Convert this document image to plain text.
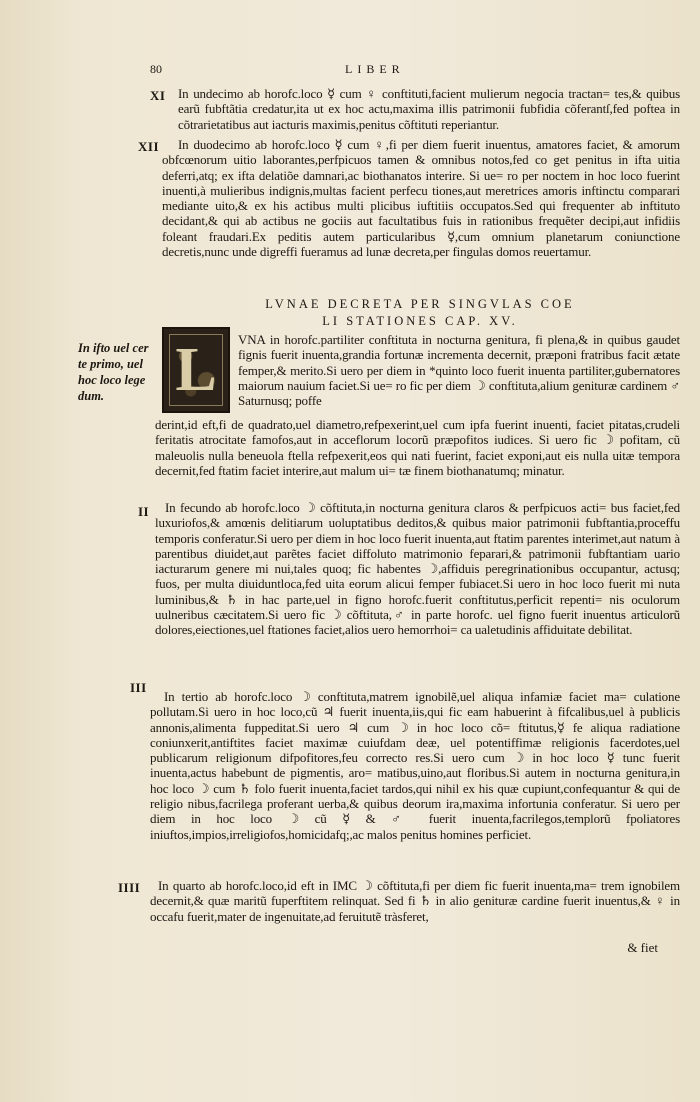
80	LIBER
XI In undecimo ab horofc.loco ☿ cum ♀ conftituti,facient mulierum negocia tractan= tes,& quibus earũ fubftãtia credatur,ita ut ex hoc actu,maxima illis patrimonii fubfidia cõferantſ,fed poftea in cõtrarietatibus aut iacturis maximis,penitus cõftituti reperiantur.
XII	In duodecimo ab horofc.loco ☿ cum ♀,fi per diem fuerit inuentus, amatores faciet, & amorum obfcœnorum uitio laborantes,perfpicuos tamen & omnibus notos,fed co get penitus in ifta uitia deferri,atq; ex ifta delatiõe damnari,ac biothanatos interire. Si ue= ro per noctem in hoc loco fuerint inuenti,à mulieribus indignis,multas facient perfecu tiones,aut meretrices amoris inftinctu comparari mediante uito,& ex his actibus multi plicibus iuftitiis occupatos.Sed qui frequenter ab inftituto decidant,& qui ab actibus ne gociis aut facultatibus fuis in rationibus frequẽter decipi,aut infidiis foleant fraudari.Ex peditis autem particularibus ☿,cum omnium planetarum coniunctione decretis,nunc unde digreffi fueramus ad lunæ decreta,per fingulas domos reuertamur.
LVNAE DECRETA PER SINGVLAS COE
LI STATIONES CAP. XV.
In ifto uel cer te primo, uel hoc loco lege dum.	L	VNA in horofc.partiliter conftituta in nocturna genitura, fi plena,& in quibus gaudet fignis fuerit inuenta,grandia fortunæ incrementa decernit, præponi fratribus facit ætate femper,& merito.Si uero per diem in *quinto loco fuerit inuenta partiliter,gubernatores maiorum nauium faciet.Si ue= ro fic per diem ☽ conftituta,alium genituræ cardinem ♂ Saturnusq; poffe
derint,id eft,fi de quadrato,uel diametro,refpexerint,uel cum ipfa fuerint inuenti, faciet pitatas,crudeli feritatis atrocitate famofos,aut in acceflorum locorũ præpofitos iudices. Si uero fic ☽ pofitam, cũ maleuolis nulla beneuola ftella refpexerit,eos qui nati fuerint, faciet exponi,aut eis nulla uitæ tempora decernit,fed ftatim faciet interire,aut malum ui= tæ finem biothanatumq; minatur.
II	In fecundo ab horofc.loco ☽ cõftituta,in nocturna genitura claros & perfpicuos acti= bus faciet,fed luxuriofos,& amœnis delitiarum uoluptatibus deditos,& quibus maior patrimonii fubftantia,proceffu temporis conferatur.Si uero per diem in hoc loco fuerit inuenta,aut ftatim parentes interimet,aut natum à parentibus diuidet,aut parẽtes faciet diffoluto matrimonio feparari,& patrimonii fubftantiam uario iacturarum genere mi nui,tales quoq; fic habentes ☽,affiduis peregrinationibus occupantur, actusq; fuos, per multa diuiduntloca,fed uita eorum alicui femper fubiacet.Si uero in hoc loco fuerit mi nuta luminibus,& ♄ in hac parte,uel in figno horofc.fuerit conftitutus,perficit repenti= nis oculorum uulneribus cæcitatem.Si uero fic ☽ cõftituta,♂ in parte horofc. uel figno fuerit inuentus articulorũ dolores,eiectiones,uel ftationes faciet,alios uero hemorrhoi= ca ualetudinis affiduitate debilitat.
III
In tertio ab horofc.loco ☽ conftituta,matrem ignobilẽ,uel aliqua infamiæ faciet ma= culatione pollutam.Si uero in hoc loco,cũ ♃ fuerit inuenta,iis,qui fic eam habuerint à fifcalibus,uel à publicis annonis,alimenta fuppeditat.Si uero ♃ cum ☽ in hoc loco cõ= ftitutus,☿ fe aliqua radiatione coniunxerit,antiftites faciet maximæ cuiufdam deæ, uel potentiffimæ religionis facerdotes,uel publicarum religionum difpofitores,feu correcto res.Si uero cum ☽ in hoc loco ☿ tunc fuerit inuenta,actus habebunt de pigmentis, aro= matibus,uino,aut floribus.Si autem in nocturna genitura,in hoc loco ☽ cum ♄ folo fuerit inuenta,faciet tardos,qui nihil ex his quæ cupiunt,confequantur & qui de religio nibus,facrilega proferant uerba,& quibus deorum ira,maxima infortunia conferatur. Si uero per diem in hoc loco ☽ cũ ☿ & ♂ fuerit inuenta,facrilegos,templorũ fpoliatores iniuftos,impios,irreligiofos,homicidafq;,ac malos penitus homines perficiet.
IIII	In quarto ab horofc.loco,id eft in IMC ☽ cõftituta,fi per diem fic fuerit inuenta,ma= trem ignobilem decernit,& quæ maritũ fuperftitem relinquat. Sed fi ♄ in alio genituræ cardine fuerit inuentus,& ♀ in occafu fuerit,mater de ingenuitate,ad feruitutẽ tràsferet,
& fiet
